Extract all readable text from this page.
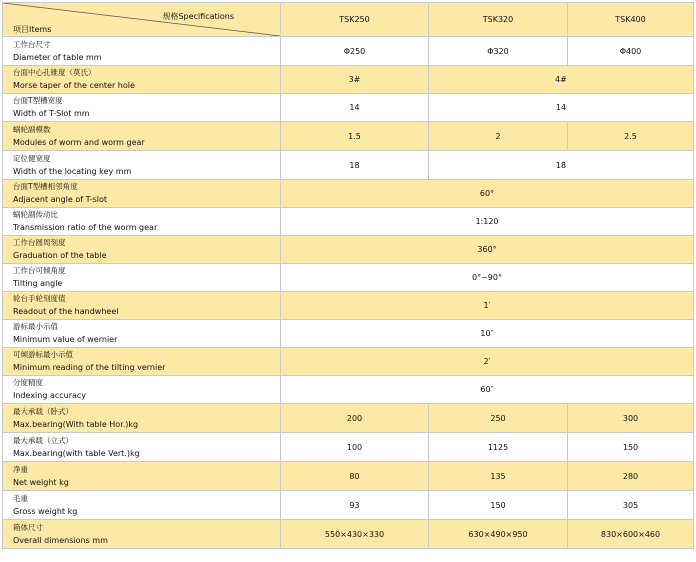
规格Specifications
项目Items	TSK250	TSK320	TSK400

工作台尺寸
Diameter of table mm	Φ250	Φ320	Φ400

台面中心孔锥度（莫氏）
Morse taper of the center hole	3#	4#	

台面T型槽宽度
Width of T-Slot mm	14	14	

蜗轮副模数
Modules of worm and worm gear	1.5	2	2.5

定位健宽度
Width of the locating key mm	18	18	

台面T型槽相邻角度
Adjacent angle of T-slot	60°		

蜗轮副传动比
Transmission ratio of the worm gear	1:120		

工作台圆周刻度
Graduation of the table	360°		

工作台可倾角度
Tilting angle	0°~90°		

轮台手轮刻度值
Readout of the handwheel	1′		

游标最小示值
Minimum value of wernier	10″		

可倾游标最小示值
Minimum reading of the tilting vernier	2′		

分度精度
Indexing accuracy	60″		

最大承载（卧式）
Max.bearing(With table Hor.)kg	200	250	300

最大承载（立式）
Max.bearing(with table Vert.)kg	100	1125	150

净重
Net weight kg	80	135	280

毛重
Gross weight kg	93	150	305

箱体尺寸
Overall dimensions mm	550×430×330	630×490×950	830×600×460
